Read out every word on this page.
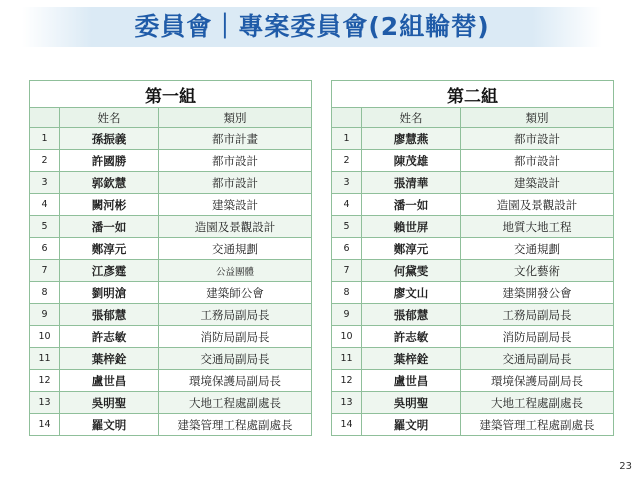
委員會｜專案委員會(2組輪替)
第一組		
	姓名	類別
1	孫振義	都市計畫
2	許國勝	都市設計
3	郭欽慧	都市設計
4	闕河彬	建築設計
5	潘一如	造園及景觀設計
6	鄭淳元	交通規劃
7	江彥霆	公益團體
8	劉明滄	建築師公會
9	張郁慧	工務局副局長
10	許志敏	消防局副局長
11	葉梓銓	交通局副局長
12	盧世昌	環境保護局副局長
13	吳明聖	大地工程處副處長
14	羅文明	建築管理工程處副處長
第二組		
	姓名	類別
1	廖慧燕	都市設計
2	陳茂雄	都市設計
3	張清華	建築設計
4	潘一如	造園及景觀設計
5	賴世屏	地質大地工程
6	鄭淳元	交通規劃
7	何黛雯	文化藝術
8	廖文山	建築開發公會
9	張郁慧	工務局副局長
10	許志敏	消防局副局長
11	葉梓銓	交通局副局長
12	盧世昌	環境保護局副局長
13	吳明聖	大地工程處副處長
14	羅文明	建築管理工程處副處長
23
